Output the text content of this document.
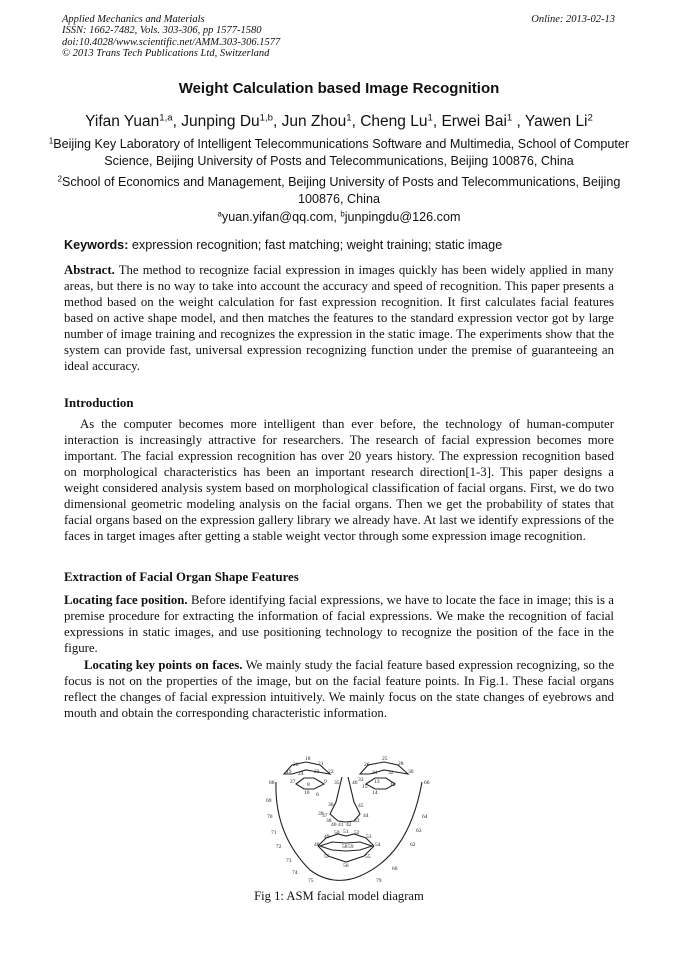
Applied Mechanics and Materials
ISSN: 1662-7482, Vols. 303-306, pp 1577-1580
doi:10.4028/www.scientific.net/AMM.303-306.1577
© 2013 Trans Tech Publications Ltd, Switzerland
Online: 2013-02-13
Weight Calculation based Image Recognition
Yifan Yuan$^{1,a}$, Junping Du$^{1,b}$, Jun Zhou$^1$, Cheng Lu$^1$, Erwei Bai$^1$ , Yawen Li$^2$
$^1$Beijing Key Laboratory of Intelligent Telecommunications Software and Multimedia, School of Computer Science, Beijing University of Posts and Telecommunications, Beijing 100876, China
$^2$School of Economics and Management, Beijing University of Posts and Telecommunications, Beijing 100876, China
$^a$yuan.yifan@qq.com, $^b$junpingdu@126.com
Keywords: expression recognition; fast matching; weight training; static image
Abstract. The method to recognize facial expression in images quickly has been widely applied in many areas, but there is no way to take into account the accuracy and speed of recognition. This paper presents a method based on the weight calculation for fast expression recognition. It first calculates facial features based on active shape model, and then matches the features to the standard expression vector got by large number of image training and recognizes the expression in the static image. The experiments show that the system can provide fast, universal expression recognizing function under the premise of guaranteeing an ideal accuracy.
Introduction
As the computer becomes more intelligent than ever before, the technology of human-computer interaction is increasingly attractive for researchers. The research of facial expression becomes more important. The facial expression recognition has over 20 years history. The expression recognition based on morphological characteristics has been an important research direction[1-3]. This paper designs a weight considered analysis system based on morphological classification of facial organs. First, we do two dimensional geometric modeling analysis on the facial organs. Then we get the probability of states that facial organs based on the expression gallery library we already have. At last we identify expressions of the faces in target images after getting a stable weight vector through some expression image recognition.
Extraction of Facial Organ Shape Features
Locating face position. Before identifying facial expressions, we have to locate the face in image; this is a premise procedure for extracting the information of facial expressions. We make the recognition of facial expressions in static images, and use positioning technology to recognize the position of the face in the figure.
Locating key points on faces. We mainly study the facial feature based expression recognizing, so the focus is not on the properties of the image, but on the facial feature points. In Fig.1. These facial organs reflect the changes of facial expression intuitively. We mainly focus on the state changes of eyebrows and mouth and obtain the corresponding characteristic information.
18
19
20	21
22
23
24
27
6
8	9
10
25
26	28
30
31 32
33
12
13
14
15
35
36
37
38
39
40 41 42
43
44
45
46
48
49
50 51 52
53
54
55
56
57
58 59
68
69
70
71
72
73
74
75
66
64
63
62
60
79
Fig 1: ASM facial model diagram
